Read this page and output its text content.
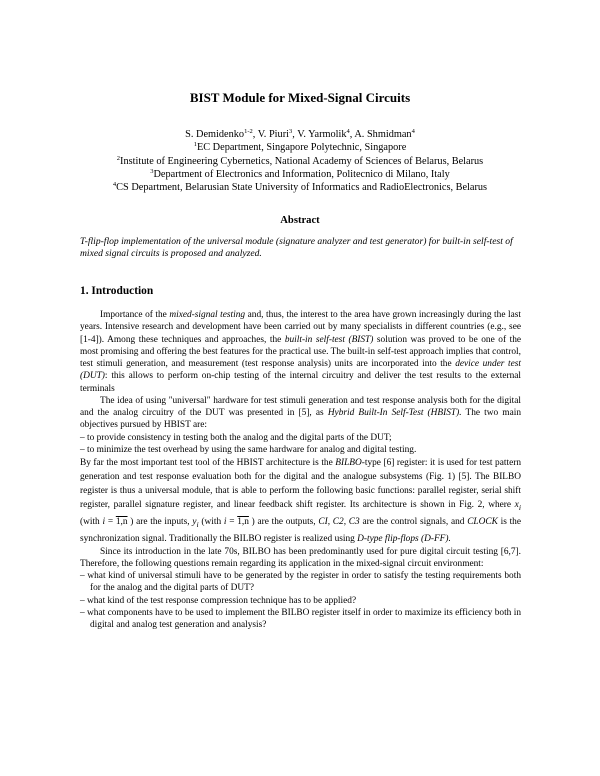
BIST Module for Mixed-Signal Circuits
S. Demidenko$^{1-2}$, V. Piuri$^3$, V. Yarmolik$^4$, A. Shmidman$^4$
$^1$EC Department, Singapore Polytechnic, Singapore
$^2$Institute of Engineering Cybernetics, National Academy of Sciences of Belarus, Belarus
$^3$Department of Electronics and Information, Politecnico di Milano, Italy
$^4$CS Department, Belarusian State University of Informatics and RadioElectronics, Belarus
Abstract
T-flip-flop implementation of the universal module (signature analyzer and test generator) for built-in self-test of mixed signal circuits is proposed and analyzed.
1. Introduction

Importance of the mixed-signal testing and, thus, the interest to the area have grown increasingly during the last years. Intensive research and development have been carried out by many specialists in different countries (e.g., see [1-4]). Among these techniques and approaches, the built-in self-test (BIST) solution was proved to be one of the most promising and offering the best features for the practical use. The built-in self-test approach implies that control, test stimuli generation, and measurement (test response analysis) units are incorporated into the device under test (DUT): this allows to perform on-chip testing of the internal circuitry and deliver the test results to the external terminals

The idea of using "universal" hardware for test stimuli generation and test response analysis both for the digital and the analog circuitry of the DUT was presented in [5], as Hybrid Built-In Self-Test (HBIST). The two main objectives pursued by HBIST are:

– to provide consistency in testing both the analog and the digital parts of the DUT;

– to minimize the test overhead by using the same hardware for analog and digital testing.

By far the most important test tool of the HBIST architecture is the BILBO-type [6] register: it is used for test pattern generation and test response evaluation both for the digital and the analogue subsystems (Fig. 1) [5]. The BILBO register is thus a universal module, that is able to perform the following basic functions: parallel register, serial shift register, parallel signature register, and linear feedback shift register. Its architecture is shown in Fig. 2, where $x_i$ (with i = 1,n ) are the inputs, $y_i$ (with i = 1,n ) are the outputs, CI, C2, C3 are the control signals, and CLOCK is the synchronization signal. Traditionally the BILBO register is realized using D-type flip-flops (D-FF).

Since its introduction in the late 70s, BILBO has been predominantly used for pure digital circuit testing [6,7]. Therefore, the following questions remain regarding its application in the mixed-signal circuit environment:

– what kind of universal stimuli have to be generated by the register in order to satisfy the testing requirements both for the analog and the digital parts of DUT?

– what kind of the test response compression technique has to be applied?

– what components have to be used to implement the BILBO register itself in order to maximize its efficiency both in digital and analog test generation and analysis?
